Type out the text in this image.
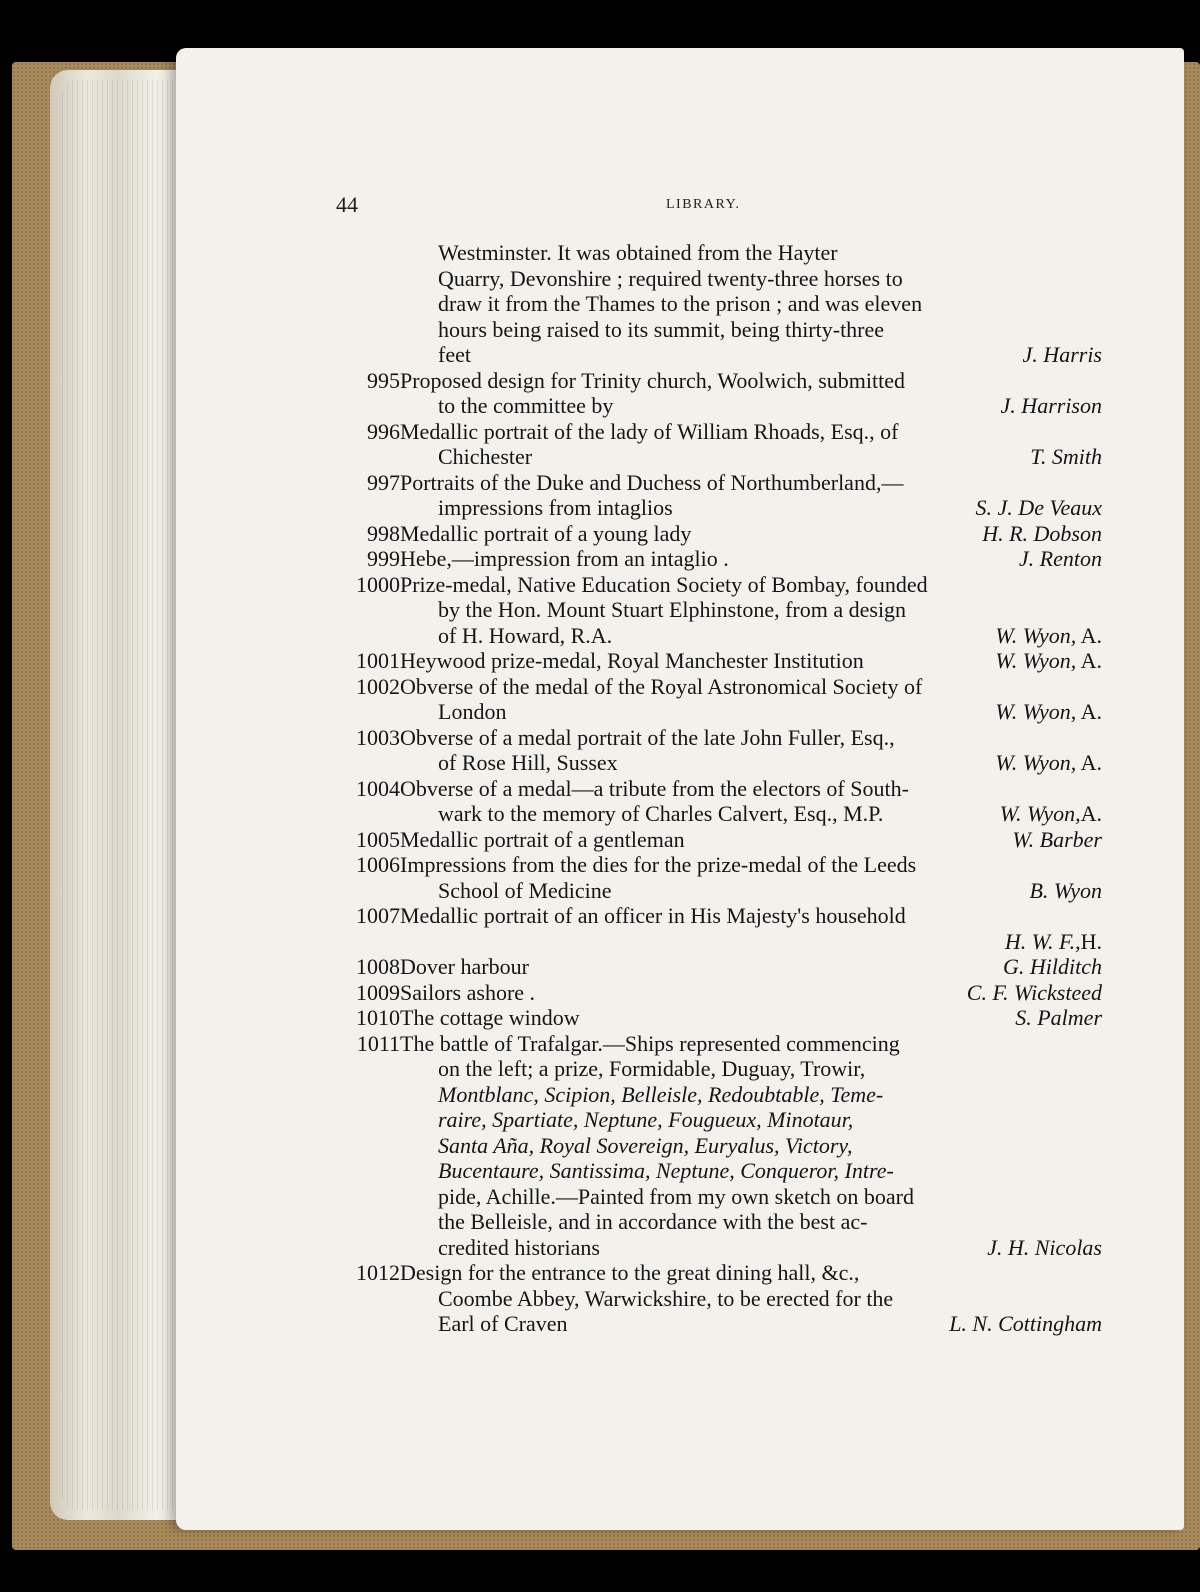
44	LIBRARY.
Westminster. It was obtained from the Hayter
Quarry, Devonshire ; required twenty-three horses to
draw it from the Thames to the prison ; and was eleven
hours being raised to its summit, being thirty-three
feet	J. Harris
995 Proposed design for Trinity church, Woolwich, submitted
to the committee by	J. Harrison
996 Medallic portrait of the lady of William Rhoads, Esq., of
Chichester	T. Smith
997 Portraits of the Duke and Duchess of Northumberland,—
impressions from intaglios	S. J. De Veaux
998 Medallic portrait of a young lady	H. R. Dobson
999 Hebe,—impression from an intaglio .	J. Renton
1000 Prize-medal, Native Education Society of Bombay, founded
by the Hon. Mount Stuart Elphinstone, from a design
of H. Howard, R.A.	W. Wyon, A.
1001 Heywood prize-medal, Royal Manchester Institution	W. Wyon, A.
1002 Obverse of the medal of the Royal Astronomical Society of
London	W. Wyon, A.
1003 Obverse of a medal portrait of the late John Fuller, Esq.,
of Rose Hill, Sussex	W. Wyon, A.
1004 Obverse of a medal—a tribute from the electors of South-
wark to the memory of Charles Calvert, Esq., M.P.	W. Wyon,A.
1005 Medallic portrait of a gentleman	W. Barber
1006 Impressions from the dies for the prize-medal of the Leeds
School of Medicine	B. Wyon
1007 Medallic portrait of an officer in His Majesty's household
H. W. F.,H.
1008 Dover harbour	G. Hilditch
1009 Sailors ashore .	C. F. Wicksteed
1010 The cottage window	S. Palmer
1011 The battle of Trafalgar.—Ships represented commencing
on the left; a prize, Formidable, Duguay, Trowir,
Montblanc, Scipion, Belleisle, Redoubtable, Teme-
raire, Spartiate, Neptune, Fougueux, Minotaur,
Santa Aña, Royal Sovereign, Euryalus, Victory,
Bucentaure, Santissima, Neptune, Conqueror, Intre-
pide, Achille.—Painted from my own sketch on board
the Belleisle, and in accordance with the best ac-
credited historians	J. H. Nicolas
1012 Design for the entrance to the great dining hall, &c.,
Coombe Abbey, Warwickshire, to be erected for the
Earl of Craven	L. N. Cottingham
